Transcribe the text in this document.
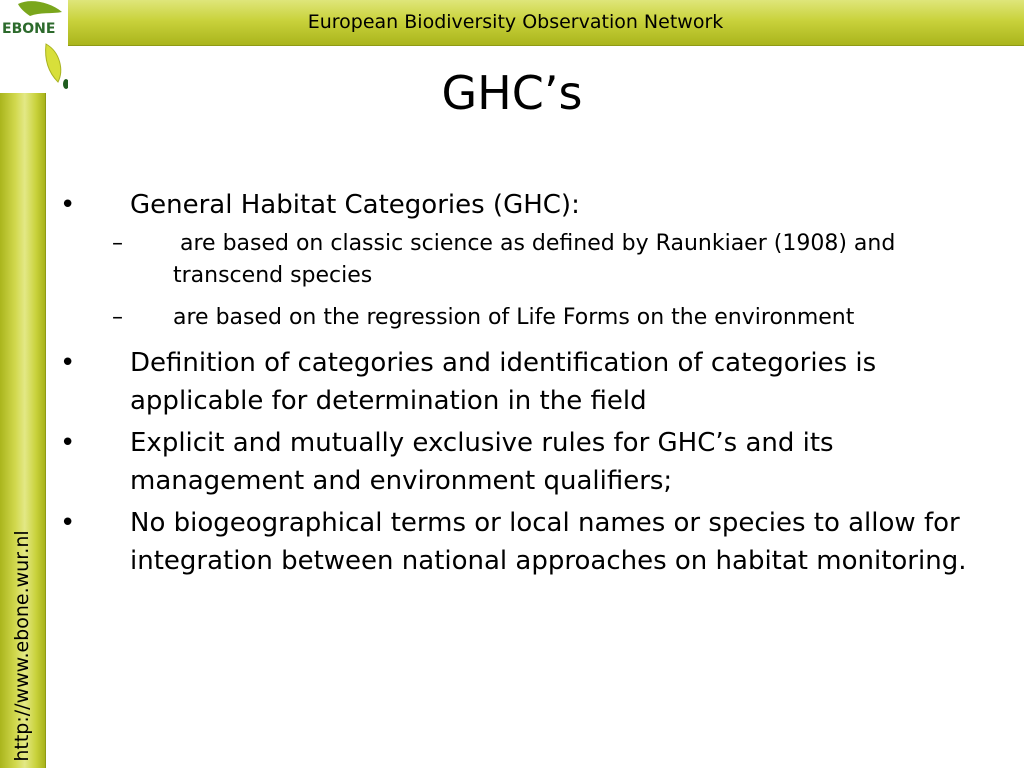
European Biodiversity Observation Network
EBONE
http://www.ebone.wur.nl
GHC’s
• General Habitat Categories (GHC):
– are based on classic science as defined by Raunkiaer (1908) and transcend species
– are based on the regression of Life Forms on the environment
• Definition of categories and identification of categories is applicable for determination in the field
• Explicit and mutually exclusive rules for GHC’s and its management and environment qualifiers;
• No biogeographical terms or local names or species to allow for integration between national approaches on habitat monitoring.
